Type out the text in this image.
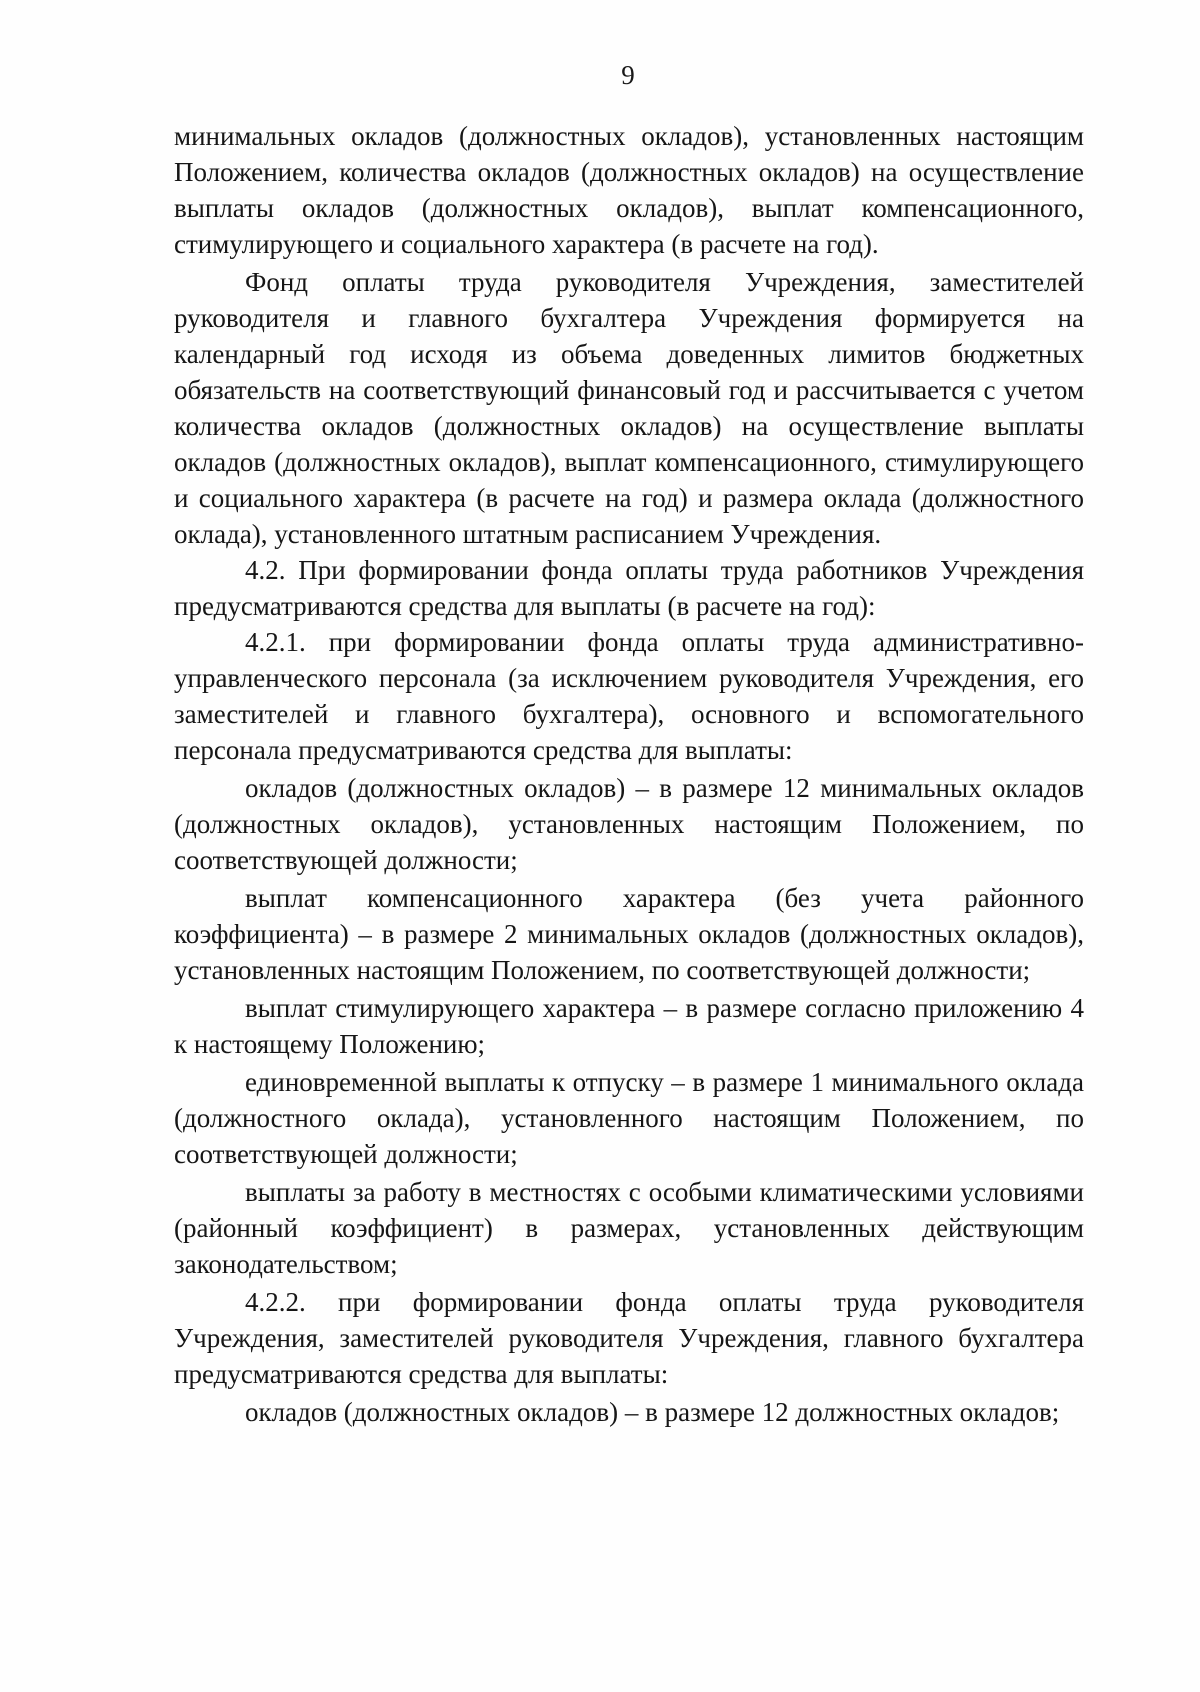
9

минимальных окладов (должностных окладов), установленных настоящим Положением, количества окладов (должностных окладов) на осуществление выплаты окладов (должностных окладов), выплат компенсационного, стимулирующего и социального характера (в расчете на год).

Фонд оплаты труда руководителя Учреждения, заместителей руководителя и главного бухгалтера Учреждения формируется на календарный год исходя из объема доведенных лимитов бюджетных обязательств на соответствующий финансовый год и рассчитывается с учетом количества окладов (должностных окладов) на осуществление выплаты окладов (должностных окладов), выплат компенсационного, стимулирующего и социального характера (в расчете на год) и размера оклада (должностного оклада), установленного штатным расписанием Учреждения.

4.2. При формировании фонда оплаты труда работников Учреждения предусматриваются средства для выплаты (в расчете на год):

4.2.1. при формировании фонда оплаты труда административно-управленческого персонала (за исключением руководителя Учреждения, его заместителей и главного бухгалтера), основного и вспомогательного персонала предусматриваются средства для выплаты:

окладов (должностных окладов) – в размере 12 минимальных окладов (должностных окладов), установленных настоящим Положением, по соответствующей должности;

выплат компенсационного характера (без учета районного коэффициента) – в размере 2 минимальных окладов (должностных окладов), установленных настоящим Положением, по соответствующей должности;

выплат стимулирующего характера – в размере согласно приложению 4 к настоящему Положению;

единовременной выплаты к отпуску – в размере 1 минимального оклада (должностного оклада), установленного настоящим Положением, по соответствующей должности;

выплаты за работу в местностях с особыми климатическими условиями (районный коэффициент) в размерах, установленных действующим законодательством;

4.2.2. при формировании фонда оплаты труда руководителя Учреждения, заместителей руководителя Учреждения, главного бухгалтера предусматриваются средства для выплаты:

окладов (должностных окладов) – в размере 12 должностных окладов;
